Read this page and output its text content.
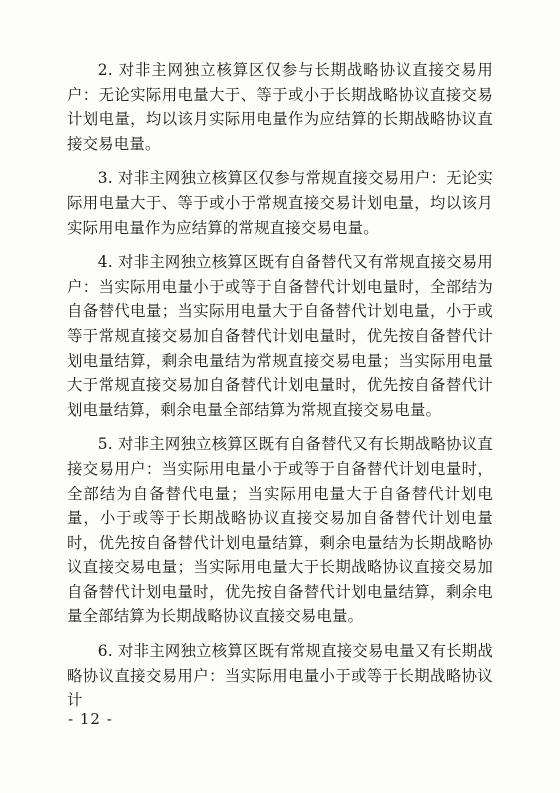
2. 对非主网独立核算区仅参与长期战略协议直接交易用户：无论实际用电量大于、等于或小于长期战略协议直接交易计划电量，均以该月实际用电量作为应结算的长期战略协议直接交易电量。

3. 对非主网独立核算区仅参与常规直接交易用户：无论实际用电量大于、等于或小于常规直接交易计划电量，均以该月实际用电量作为应结算的常规直接交易电量。

4. 对非主网独立核算区既有自备替代又有常规直接交易用户：当实际用电量小于或等于自备替代计划电量时，全部结为自备替代电量；当实际用电量大于自备替代计划电量，小于或等于常规直接交易加自备替代计划电量时，优先按自备替代计划电量结算，剩余电量结为常规直接交易电量；当实际用电量大于常规直接交易加自备替代计划电量时，优先按自备替代计划电量结算，剩余电量全部结算为常规直接交易电量。

5. 对非主网独立核算区既有自备替代又有长期战略协议直接交易用户：当实际用电量小于或等于自备替代计划电量时，全部结为自备替代电量；当实际用电量大于自备替代计划电量，小于或等于长期战略协议直接交易加自备替代计划电量时，优先按自备替代计划电量结算，剩余电量结为长期战略协议直接交易电量；当实际用电量大于长期战略协议直接交易加自备替代计划电量时，优先按自备替代计划电量结算，剩余电量全部结算为长期战略协议直接交易电量。

6. 对非主网独立核算区既有常规直接交易电量又有长期战略协议直接交易用户：当实际用电量小于或等于长期战略协议计

- 12 -
